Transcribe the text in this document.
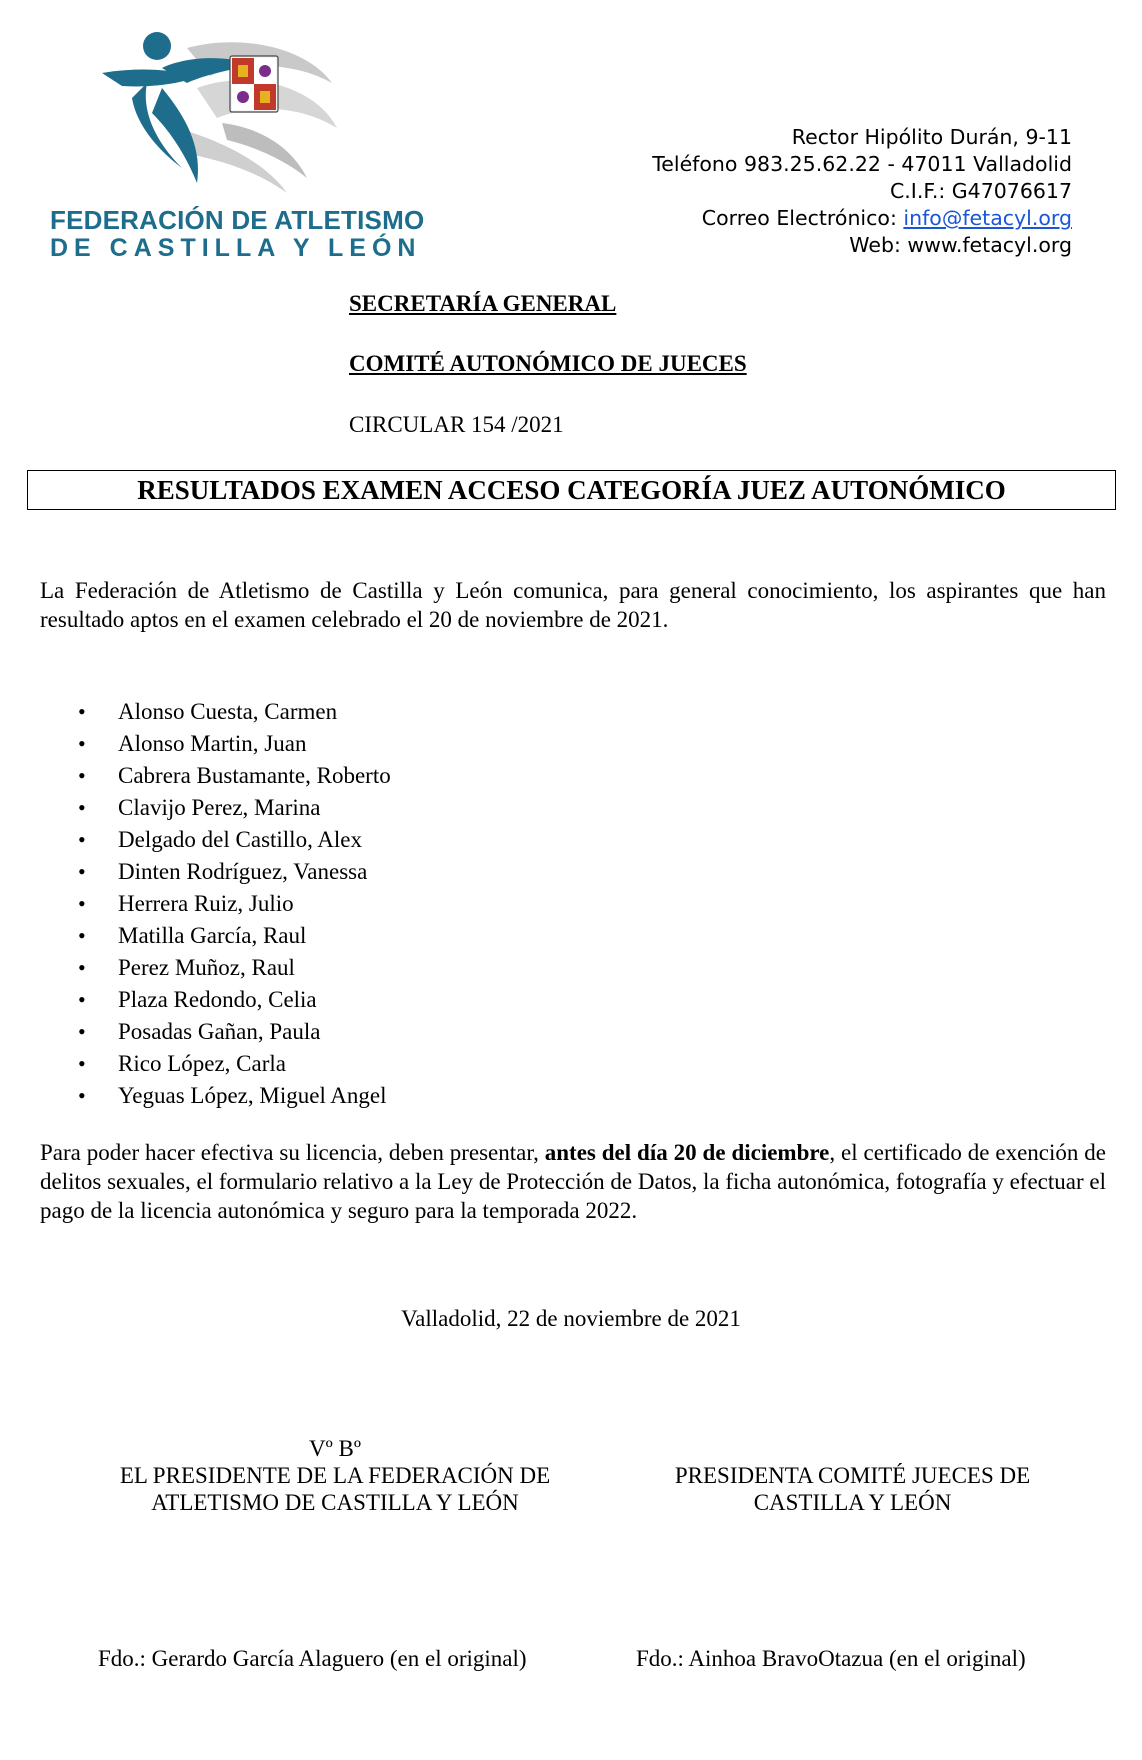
FEDERACIÓN DE ATLETISMO
DE CASTILLA Y LEÓN
Rector Hipólito Durán, 9-11
Teléfono 983.25.62.22 - 47011 Valladolid
C.I.F.: G47076617
Correo Electrónico: info@fetacyl.org
Web: www.fetacyl.org
SECRETARÍA GENERAL
COMITÉ AUTONÓMICO DE JUECES
CIRCULAR 154 /2021
RESULTADOS EXAMEN ACCESO CATEGORÍA JUEZ AUTONÓMICO
La Federación de Atletismo de Castilla y León comunica, para general conocimiento, los aspirantes que han resultado aptos en el examen celebrado el 20 de noviembre de 2021.
• Alonso Cuesta, Carmen
• Alonso Martin, Juan
• Cabrera Bustamante, Roberto
• Clavijo Perez, Marina
• Delgado del Castillo, Alex
• Dinten Rodríguez, Vanessa
• Herrera Ruiz, Julio
• Matilla García, Raul
• Perez Muñoz, Raul
• Plaza Redondo, Celia
• Posadas Gañan, Paula
• Rico López, Carla
• Yeguas López, Miguel Angel
Para poder hacer efectiva su licencia, deben presentar, antes del día 20 de diciembre, el certificado de exención de delitos sexuales, el formulario relativo a la Ley de Protección de Datos, la ficha autonómica, fotografía y efectuar el pago de la licencia autonómica y seguro para la temporada 2022.
Valladolid, 22 de noviembre de 2021
Vº Bº
EL PRESIDENTE DE LA FEDERACIÓN DE
ATLETISMO DE CASTILLA Y LEÓN
PRESIDENTA COMITÉ JUECES DE
CASTILLA Y LEÓN
Fdo.: Gerardo García Alaguero (en el original)	Fdo.: Ainhoa BravoOtazua (en el original)
